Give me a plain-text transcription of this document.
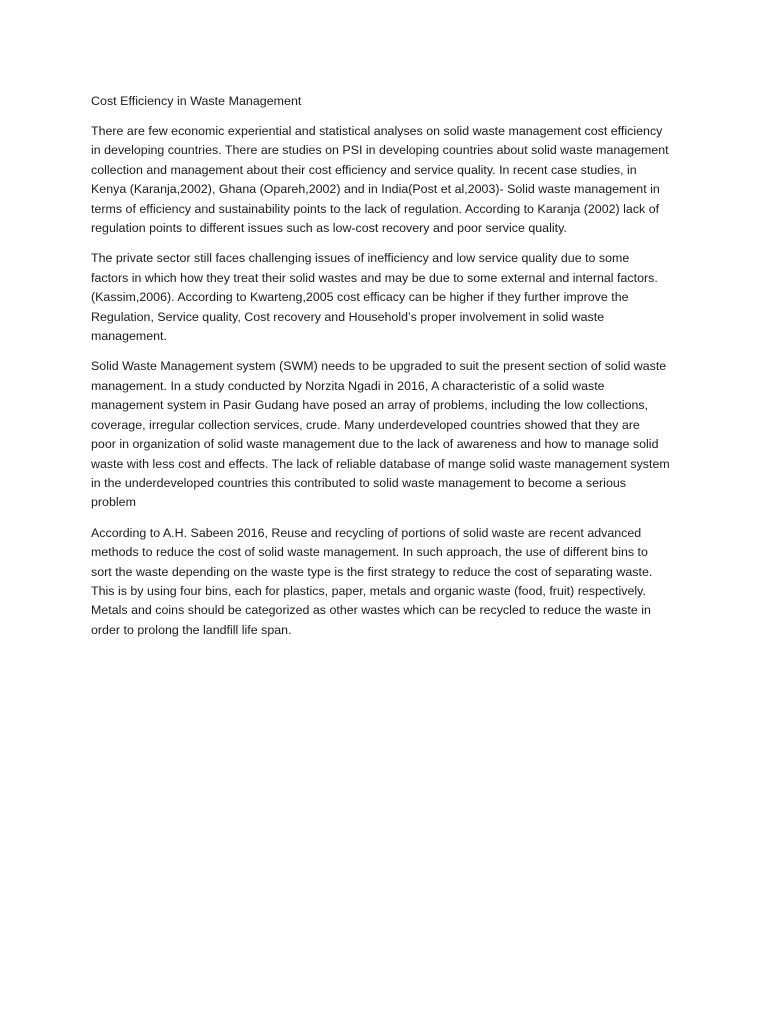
Cost Efficiency in Waste Management
There are few economic experiential and statistical analyses on solid waste management cost efficiency
in developing countries. There are studies on PSI in developing countries about solid waste management
collection and management about their cost efficiency and service quality. In recent case studies, in
Kenya (Karanja,2002), Ghana (Opareh,2002) and in India(Post et al,2003)- Solid waste management in
terms of efficiency and sustainability points to the lack of regulation. According to Karanja (2002) lack of
regulation points to different issues such as low-cost recovery and poor service quality.
The private sector still faces challenging issues of inefficiency and low service quality due to some
factors in which how they treat their solid wastes and may be due to some external and internal factors.
(Kassim,2006). According to Kwarteng,2005 cost efficacy can be higher if they further improve the
Regulation, Service quality, Cost recovery and Household’s proper involvement in solid waste
management.
Solid Waste Management system (SWM) needs to be upgraded to suit the present section of solid waste
management. In a study conducted by Norzita Ngadi in 2016, A characteristic of a solid waste
management system in Pasir Gudang have posed an array of problems, including the low collections,
coverage, irregular collection services, crude. Many underdeveloped countries showed that they are
poor in organization of solid waste management due to the lack of awareness and how to manage solid
waste with less cost and effects. The lack of reliable database of mange solid waste management system
in the underdeveloped countries this contributed to solid waste management to become a serious
problem
According to A.H. Sabeen 2016, Reuse and recycling of portions of solid waste are recent advanced
methods to reduce the cost of solid waste management. In such approach, the use of different bins to
sort the waste depending on the waste type is the first strategy to reduce the cost of separating waste.
This is by using four bins, each for plastics, paper, metals and organic waste (food, fruit) respectively.
Metals and coins should be categorized as other wastes which can be recycled to reduce the waste in
order to prolong the landfill life span.
